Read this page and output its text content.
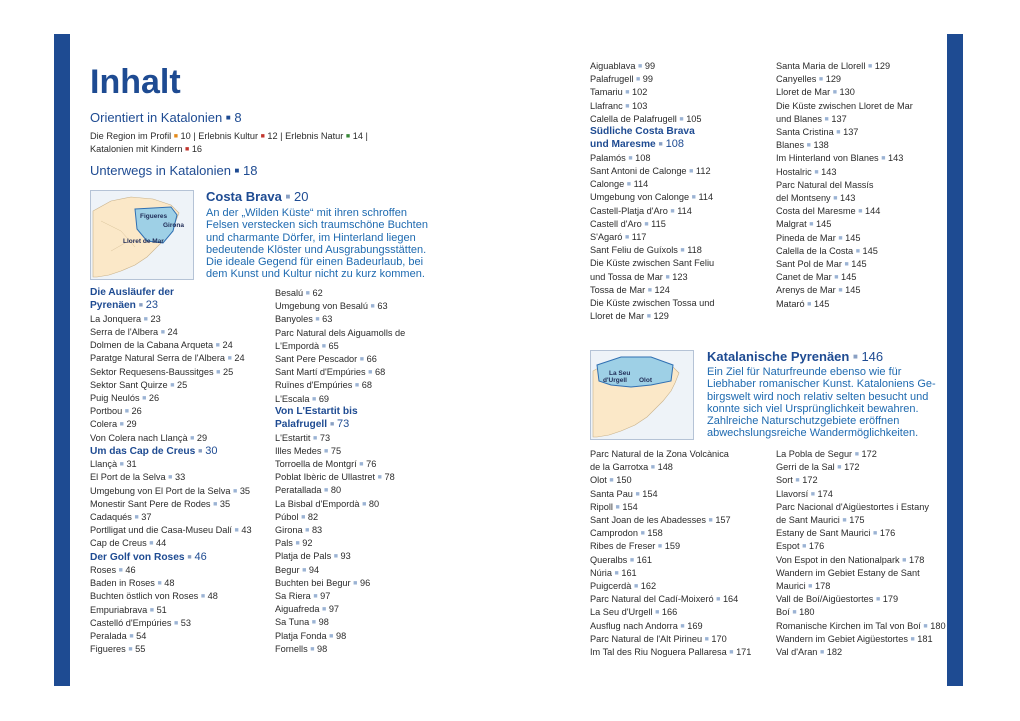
Inhalt
Orientiert in Katalonien ■ 8
Die Region im Profil ■ 10 | Erlebnis Kultur ■ 12 | Erlebnis Natur ■ 14 |
Katalonien mit Kindern ■ 16
Unterwegs in Katalonien ■ 18
Figueres
Girona
Lloret de Mar
Costa Brava ■ 20
An der „Wilden Küste“ mit ihren schroffen
Felsen verstecken sich traumschöne Buchten
und charmante Dörfer, im Hinterland liegen
bedeutende Klöster und Ausgrabungsstätten.
Die ideale Gegend für einen Badeurlaub, bei
dem Kunst und Kultur nicht zu kurz kommen.
La Seu
d'Urgell Olot
Katalanische Pyrenäen ■ 146
Ein Ziel für Naturfreunde ebenso wie für
Liebhaber romanischer Kunst. Kataloniens Ge-
birgswelt wird noch relativ selten besucht und
konnte sich viel Ursprünglichkeit bewahren.
Zahlreiche Naturschutzgebiete eröffnen
abwechslungsreiche Wandermöglichkeiten.
Die Ausläufer der
Pyrenäen ■ 23
La Jonquera ■ 23
Serra de l'Albera ■ 24
Dolmen de la Cabana Arqueta ■ 24
Paratge Natural Serra de l'Albera ■ 24
Sektor Requesens-Baussitges ■ 25
Sektor Sant Quirze ■ 25
Puig Neulós ■ 26
Portbou ■ 26
Colera ■ 29
Von Colera nach Llançà ■ 29
Um das Cap de Creus ■ 30
Llançà ■ 31
El Port de la Selva ■ 33
Umgebung von El Port de la Selva ■ 35
Monestir Sant Pere de Rodes ■ 35
Cadaqués ■ 37
Portlligat und die Casa-Museu Dalí ■ 43
Cap de Creus ■ 44
Der Golf von Roses ■ 46
Roses ■ 46
Baden in Roses ■ 48
Buchten östlich von Roses ■ 48
Empuriabrava ■ 51
Castelló d'Empúries ■ 53
Peralada ■ 54
Figueres ■ 55
Besalú ■ 62
Umgebung von Besalú ■ 63
Banyoles ■ 63
Parc Natural dels Aiguamolls de
L'Empordà ■ 65
Sant Pere Pescador ■ 66
Sant Martí d'Empúries ■ 68
Ruïnes d'Empúries ■ 68
L'Escala ■ 69
Von L'Estartit bis
Palafrugell ■ 73
L'Estartit ■ 73
Illes Medes ■ 75
Torroella de Montgrí ■ 76
Poblat Ibèric de Ullastret ■ 78
Peratallada ■ 80
La Bisbal d'Empordà ■ 80
Púbol ■ 82
Girona ■ 83
Pals ■ 92
Platja de Pals ■ 93
Begur ■ 94
Buchten bei Begur ■ 96
Sa Riera ■ 97
Aiguafreda ■ 97
Sa Tuna ■ 98
Platja Fonda ■ 98
Fornells ■ 98
Aiguablava ■ 99
Palafrugell ■ 99
Tamariu ■ 102
Llafranc ■ 103
Calella de Palafrugell ■ 105
Südliche Costa Brava
und Maresme ■ 108
Palamós ■ 108
Sant Antoni de Calonge ■ 112
Calonge ■ 114
Umgebung von Calonge ■ 114
Castell-Platja d'Aro ■ 114
Castell d'Aro ■ 115
S'Agaró ■ 117
Sant Feliu de Guíxols ■ 118
Die Küste zwischen Sant Feliu
und Tossa de Mar ■ 123
Tossa de Mar ■ 124
Die Küste zwischen Tossa und
Lloret de Mar ■ 129
Santa Maria de Llorell ■ 129
Canyelles ■ 129
Lloret de Mar ■ 130
Die Küste zwischen Lloret de Mar
und Blanes ■ 137
Santa Cristina ■ 137
Blanes ■ 138
Im Hinterland von Blanes ■ 143
Hostalric ■ 143
Parc Natural del Massís
del Montseny ■ 143
Costa del Maresme ■ 144
Malgrat ■ 145
Pineda de Mar ■ 145
Calella de la Costa ■ 145
Sant Pol de Mar ■ 145
Canet de Mar ■ 145
Arenys de Mar ■ 145
Mataró ■ 145
Parc Natural de la Zona Volcànica
de la Garrotxa ■ 148
Olot ■ 150
Santa Pau ■ 154
Ripoll ■ 154
Sant Joan de les Abadesses ■ 157
Camprodon ■ 158
Ribes de Freser ■ 159
Queralbs ■ 161
Núria ■ 161
Puigcerdà ■ 162
Parc Natural del Cadí-Moixeró ■ 164
La Seu d'Urgell ■ 166
Ausflug nach Andorra ■ 169
Parc Natural de l'Alt Pirineu ■ 170
Im Tal des Riu Noguera Pallaresa ■ 171
La Pobla de Segur ■ 172
Gerri de la Sal ■ 172
Sort ■ 172
Llavorsí ■ 174
Parc Nacional d'Aigüestortes i Estany
de Sant Maurici ■ 175
Estany de Sant Maurici ■ 176
Espot ■ 176
Von Espot in den Nationalpark ■ 178
Wandern im Gebiet Estany de Sant
Maurici ■ 178
Vall de Boí/Aigüestortes ■ 179
Boí ■ 180
Romanische Kirchen im Tal von Boí ■ 180
Wandern im Gebiet Aigüestortes ■ 181
Val d'Aran ■ 182
